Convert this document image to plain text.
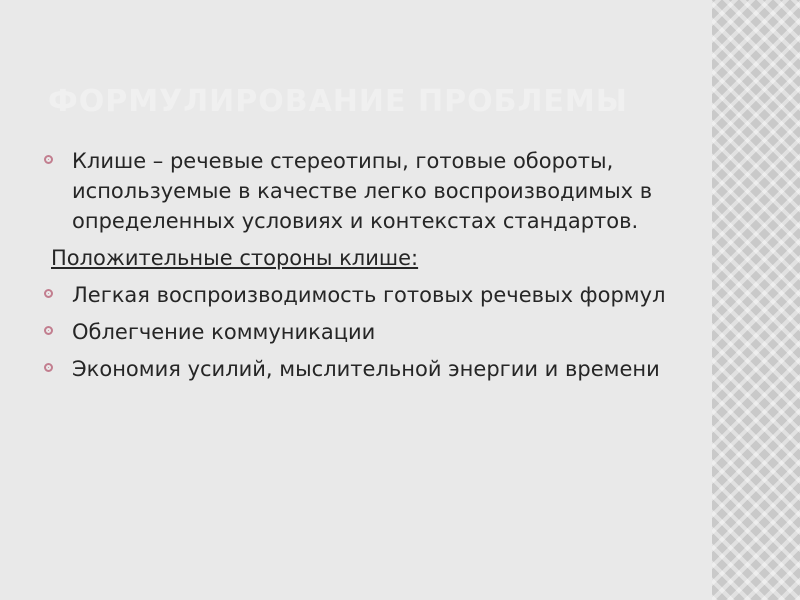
ФОРМУЛИРОВАНИЕ ПРОБЛЕМЫ
Клише – речевые стереотипы, готовые обороты, используемые в качестве легко воспроизводимых в определенных условиях и контекстах стандартов.
Положительные стороны клише:
Легкая воспроизводимость готовых речевых формул
Облегчение коммуникации
Экономия усилий, мыслительной энергии и времени
